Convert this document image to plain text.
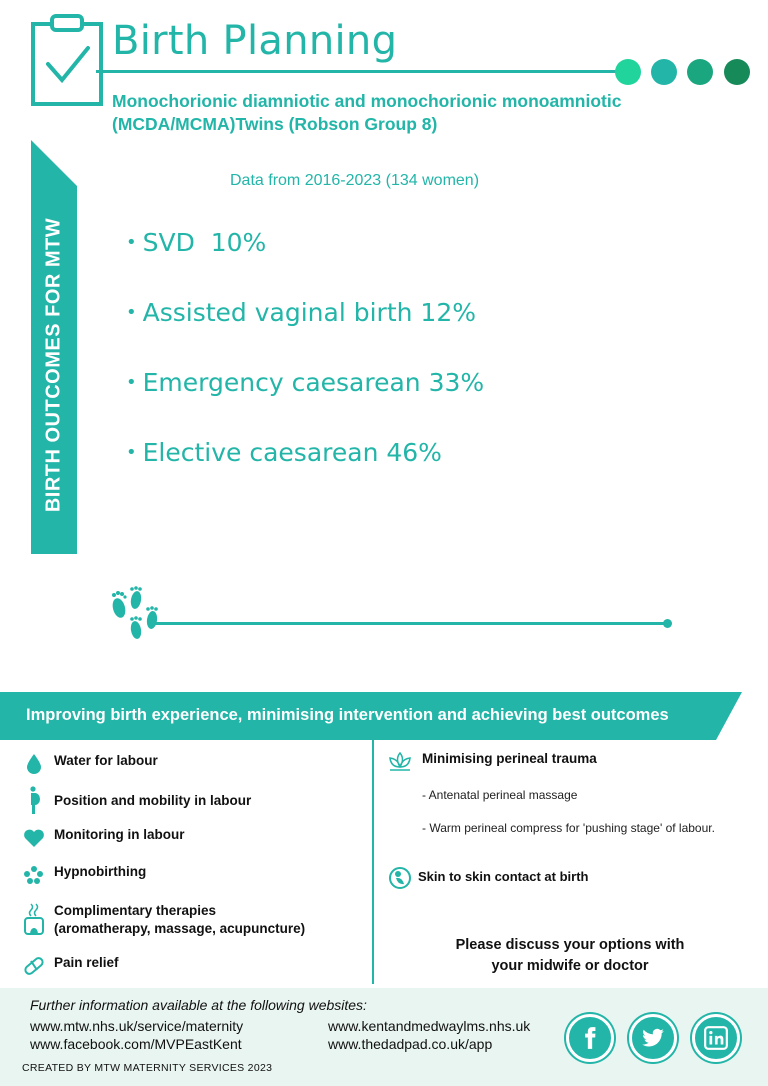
Birth Planning
Monochorionic diamniotic and monochorionic monoamniotic
(MCDA/MCMA)Twins (Robson Group 8)
BIRTH OUTCOMES FOR MTW
Data from 2016-2023 (134 women)
• SVD  10%
• Assisted vaginal birth 12%
• Emergency caesarean 33%
• Elective caesarean 46%
Improving birth experience, minimising intervention and achieving best outcomes
Water for labour
Position and mobility in labour
Monitoring in labour
Hypnobirthing
Complimentary therapies
(aromatherapy, massage, acupuncture)
Pain relief
Minimising perineal trauma
- Antenatal perineal massage
- Warm perineal compress for 'pushing stage' of labour.
Skin to skin contact at birth
Please discuss your options with
your midwife or doctor
Further information available at the following websites:
www.mtw.nhs.uk/service/maternity
www.facebook.com/MVPEastKent
www.kentandmedwaylms.nhs.uk
www.thedadpad.co.uk/app
CREATED BY MTW MATERNITY SERVICES 2023
